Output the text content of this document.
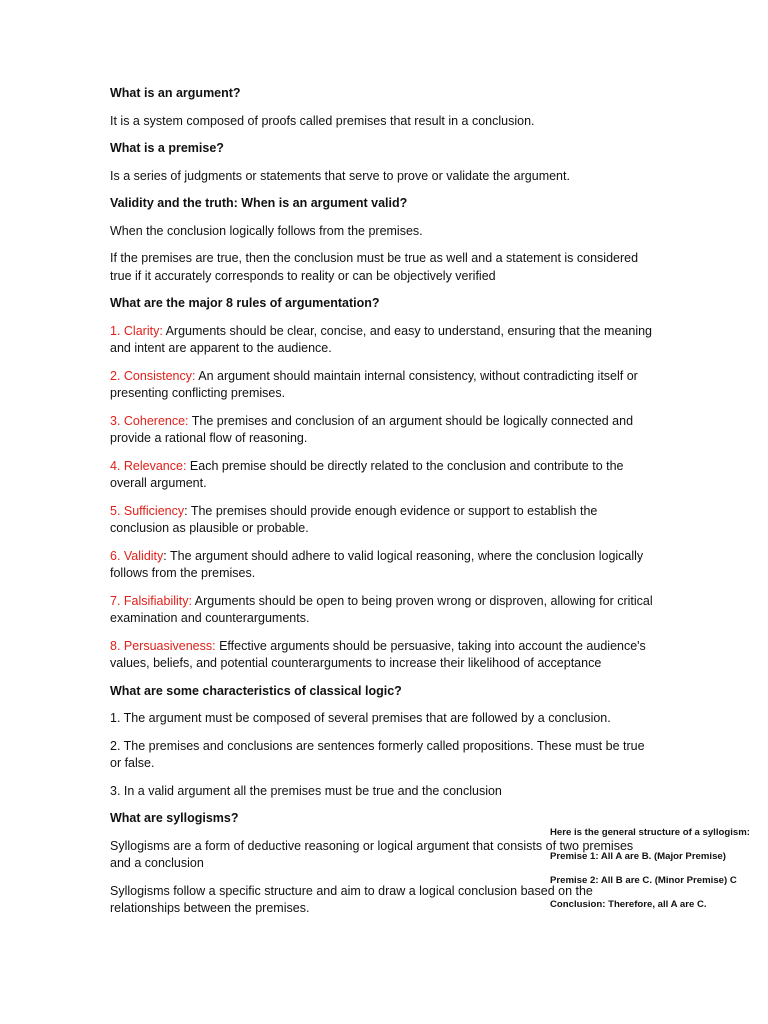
What is an argument?

It is a system composed of proofs called premises that result in a conclusion.

What is a premise?

Is a series of judgments or statements that serve to prove or validate the argument.

Validity and the truth: When is an argument valid?

When the conclusion logically follows from the premises.

If the premises are true, then the conclusion must be true as well and a statement is considered true if it accurately corresponds to reality or can be objectively verified

What are the major 8 rules of argumentation?

1. Clarity: Arguments should be clear, concise, and easy to understand, ensuring that the meaning and intent are apparent to the audience.

2. Consistency: An argument should maintain internal consistency, without contradicting itself or presenting conflicting premises.

3. Coherence: The premises and conclusion of an argument should be logically connected and provide a rational flow of reasoning.

4. Relevance: Each premise should be directly related to the conclusion and contribute to the overall argument.

5. Sufficiency: The premises should provide enough evidence or support to establish the conclusion as plausible or probable.

6. Validity: The argument should adhere to valid logical reasoning, where the conclusion logically follows from the premises.

7. Falsifiability: Arguments should be open to being proven wrong or disproven, allowing for critical examination and counterarguments.

8. Persuasiveness: Effective arguments should be persuasive, taking into account the audience's values, beliefs, and potential counterarguments to increase their likelihood of acceptance

What are some characteristics of classical logic?

1. The argument must be composed of several premises that are followed by a conclusion.

2. The premises and conclusions are sentences formerly called propositions. These must be true or false.

3. In a valid argument all the premises must be true and the conclusion

What are syllogisms?

Syllogisms are a form of deductive reasoning or logical argument that consists of two premises and a conclusion

Syllogisms follow a specific structure and aim to draw a logical conclusion based on the relationships between the premises.

Here is the general structure of a syllogism:

Premise 1: All A are B. (Major Premise)

Premise 2: All B are C. (Minor Premise) C

Conclusion: Therefore, all A are C.
